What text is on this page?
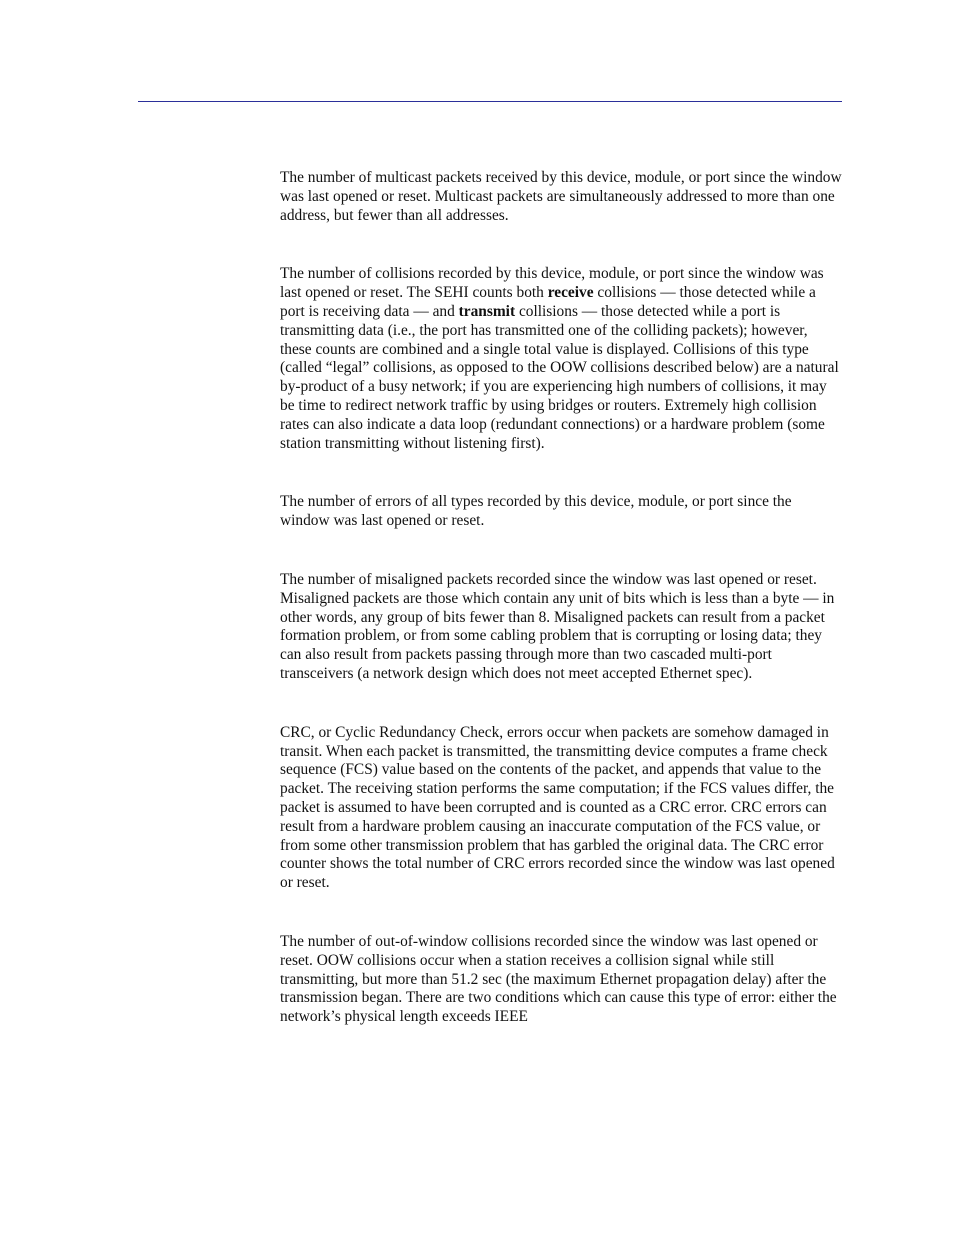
The number of multicast packets received by this device, module, or port since the window was last opened or reset. Multicast packets are simultaneously addressed to more than one address, but fewer than all addresses.

The number of collisions recorded by this device, module, or port since the window was last opened or reset. The SEHI counts both receive collisions — those detected while a port is receiving data — and transmit collisions — those detected while a port is transmitting data (i.e., the port has transmitted one of the colliding packets); however, these counts are combined and a single total value is displayed. Collisions of this type (called “legal” collisions, as opposed to the OOW collisions described below) are a natural by-product of a busy network; if you are experiencing high numbers of collisions, it may be time to redirect network traffic by using bridges or routers. Extremely high collision rates can also indicate a data loop (redundant connections) or a hardware problem (some station transmitting without listening first).

The number of errors of all types recorded by this device, module, or port since the window was last opened or reset.

The number of misaligned packets recorded since the window was last opened or reset. Misaligned packets are those which contain any unit of bits which is less than a byte — in other words, any group of bits fewer than 8. Misaligned packets can result from a packet formation problem, or from some cabling problem that is corrupting or losing data; they can also result from packets passing through more than two cascaded multi-port transceivers (a network design which does not meet accepted Ethernet spec).

CRC, or Cyclic Redundancy Check, errors occur when packets are somehow damaged in transit. When each packet is transmitted, the transmitting device computes a frame check sequence (FCS) value based on the contents of the packet, and appends that value to the packet. The receiving station performs the same computation; if the FCS values differ, the packet is assumed to have been corrupted and is counted as a CRC error. CRC errors can result from a hardware problem causing an inaccurate computation of the FCS value, or from some other transmission problem that has garbled the original data. The CRC error counter shows the total number of CRC errors recorded since the window was last opened or reset.

The number of out-of-window collisions recorded since the window was last opened or reset. OOW collisions occur when a station receives a collision signal while still transmitting, but more than 51.2 sec (the maximum Ethernet propagation delay) after the transmission began. There are two conditions which can cause this type of error: either the network’s physical length exceeds IEEE
